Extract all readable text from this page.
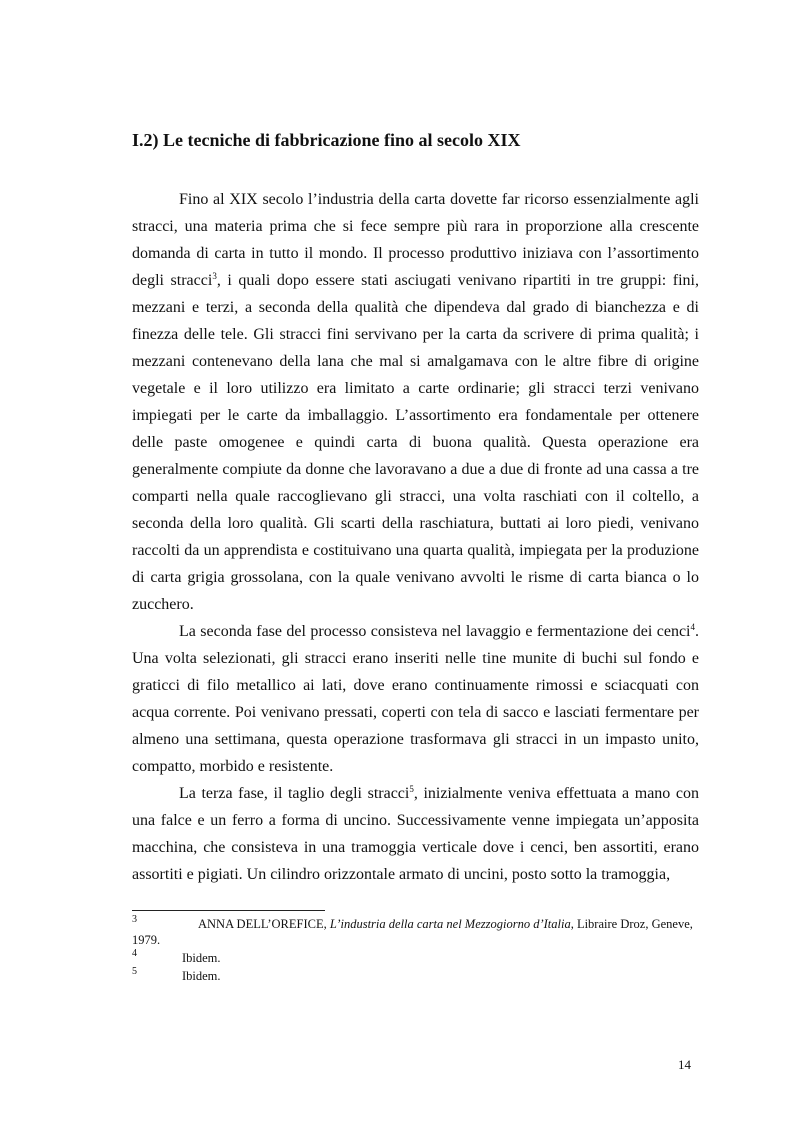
I.2) Le tecniche di fabbricazione fino al secolo XIX

Fino al XIX secolo l’industria della carta dovette far ricorso essenzialmente agli stracci, una materia prima che si fece sempre più rara in proporzione alla crescente domanda di carta in tutto il mondo. Il processo produttivo iniziava con l’assortimento degli stracci$^3$, i quali dopo essere stati asciugati venivano ripartiti in tre gruppi: fini, mezzani e terzi, a seconda della qualità che dipendeva dal grado di bianchezza e di finezza delle tele. Gli stracci fini servivano per la carta da scrivere di prima qualità; i mezzani contenevano della lana che mal si amalgamava con le altre fibre di origine vegetale e il loro utilizzo era limitato a carte ordinarie; gli stracci terzi venivano impiegati per le carte da imballaggio. L’assortimento era fondamentale per ottenere delle paste omogenee e quindi carta di buona qualità. Questa operazione era generalmente compiute da donne che lavoravano a due a due di fronte ad una cassa a tre comparti nella quale raccoglievano gli stracci, una volta raschiati con il coltello, a seconda della loro qualità. Gli scarti della raschiatura, buttati ai loro piedi, venivano raccolti da un apprendista e costituivano una quarta qualità, impiegata per la produzione di carta grigia grossolana, con la quale venivano avvolti le risme di carta bianca o lo zucchero.

La seconda fase del processo consisteva nel lavaggio e fermentazione dei cenci$^4$. Una volta selezionati, gli stracci erano inseriti nelle tine munite di buchi sul fondo e graticci di filo metallico ai lati, dove erano continuamente rimossi e sciacquati con acqua corrente. Poi venivano pressati, coperti con tela di sacco e lasciati fermentare per almeno una settimana, questa operazione trasformava gli stracci in un impasto unito, compatto, morbido e resistente.

La terza fase, il taglio degli stracci$^5$, inizialmente veniva effettuata a mano con una falce e un ferro a forma di uncino. Successivamente venne impiegata un’apposita macchina, che consisteva in una tramoggia verticale dove i cenci, ben assortiti, erano assortiti e pigiati. Un cilindro orizzontale armato di uncini, posto sotto la tramoggia,

3	ANNA DELL’OREFICE, L’industria della carta nel Mezzogiorno d’Italia, Libraire Droz, Geneve, 1979.
4	Ibidem.
5	Ibidem.
14
